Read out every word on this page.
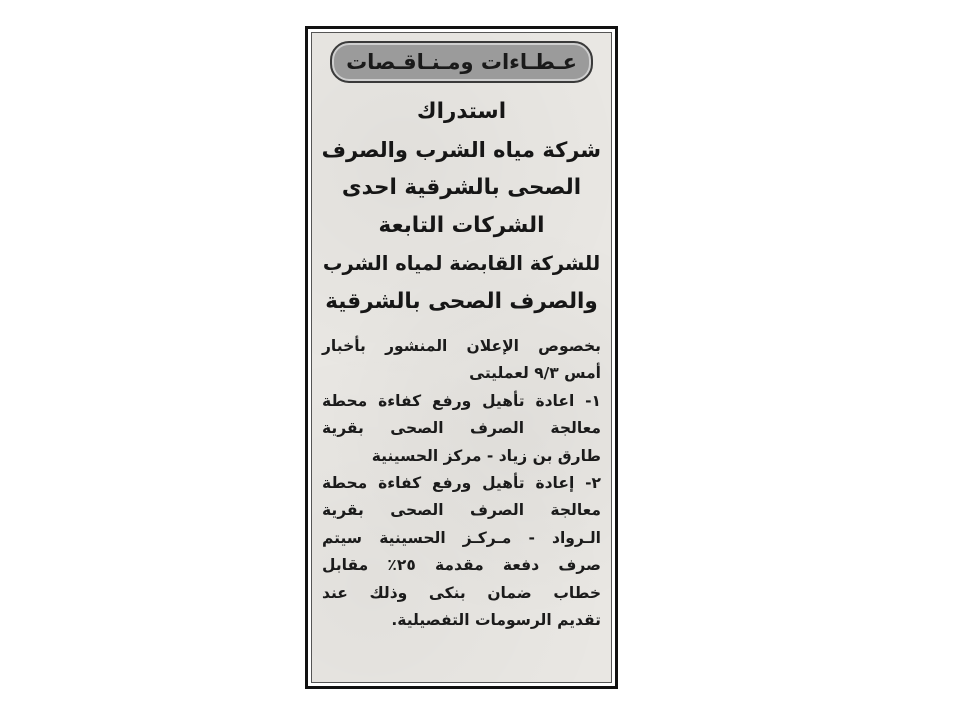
عـطـاءات ومـنـاقـصات
استدراك
شركة مياه الشرب والصرف
الصحى بالشرقية احدى
الشركات التابعة
للشركة القابضة لمياه الشرب
والصرف الصحى بالشرقية
بخصوص الإعلان المنشور بأخبار
أمس ٩/٣ لعمليتى
١- اعادة تأهيل ورفع كفاءة محطة
معالجة الصرف الصحى بقرية
طارق بن زياد - مركز الحسينية
٢- إعادة تأهيل ورفع كفاءة محطة
معالجة الصرف الصحى بقرية
الـرواد - مـركـز الحسينية سيتم
صرف دفعة مقدمة ٢٥٪ مقابل
خطاب ضمان بنكى وذلك عند
تقديم الرسومات التفصيلية.
